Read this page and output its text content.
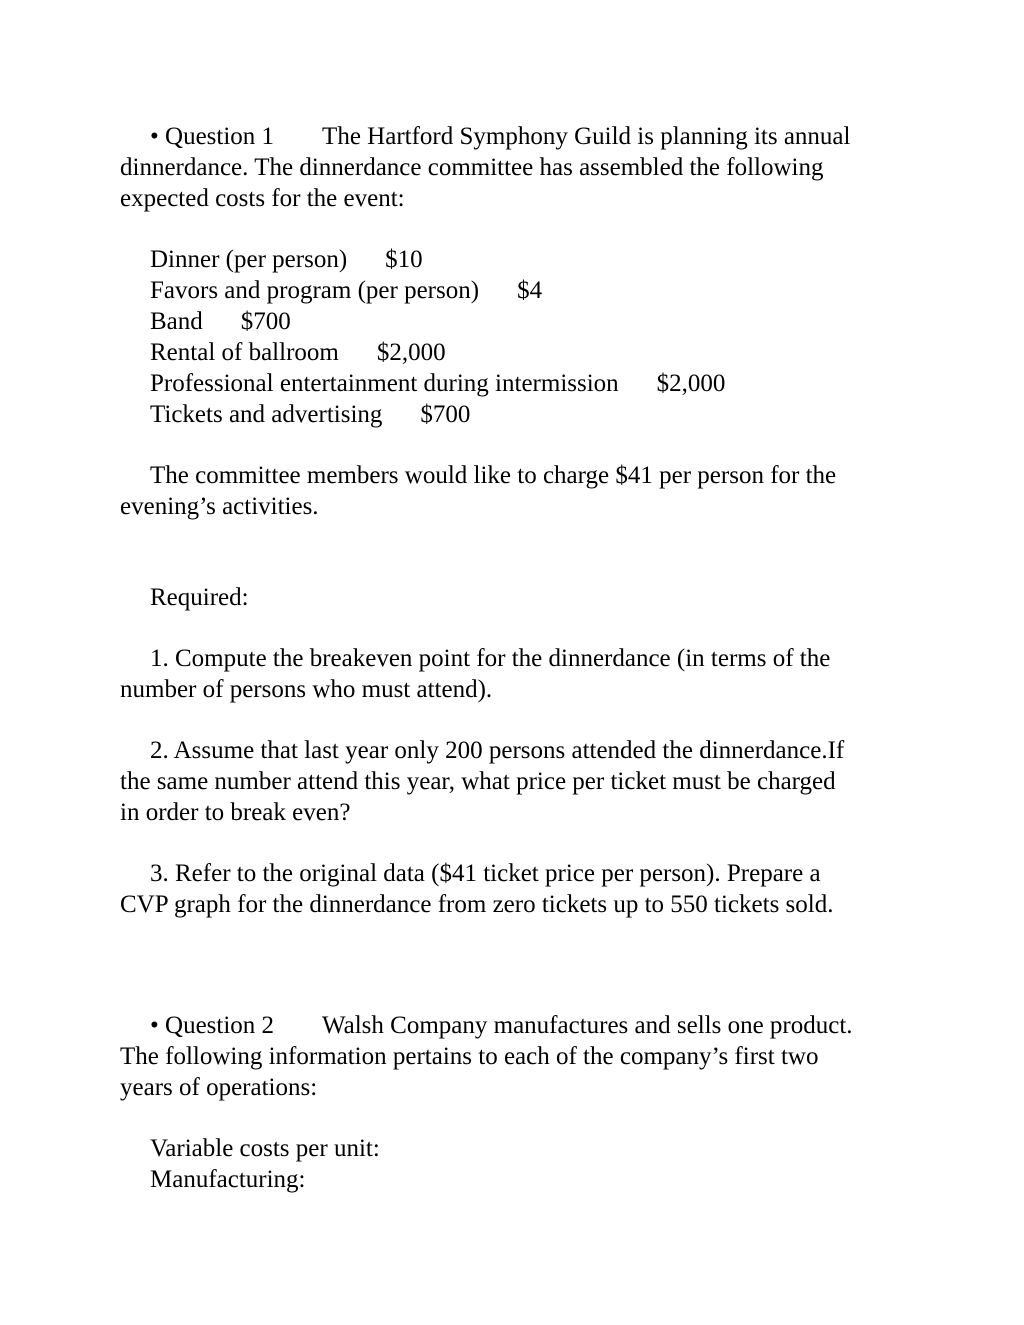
• Question 1 The Hartford Symphony Guild is planning its annual
dinnerdance. The dinnerdance committee has assembled the following
expected costs for the event:
Dinner (per person) $10
Favors and program (per person) $4
Band $700
Rental of ballroom $2,000
Professional entertainment during intermission $2,000
Tickets and advertising $700
The committee members would like to charge $41 per person for the
evening’s activities.
Required:
1. Compute the breakeven point for the dinnerdance (in terms of the
number of persons who must attend).
2. Assume that last year only 200 persons attended the dinnerdance.If
the same number attend this year, what price per ticket must be charged
in order to break even?
3. Refer to the original data ($41 ticket price per person). Prepare a
CVP graph for the dinnerdance from zero tickets up to 550 tickets sold.
• Question 2 Walsh Company manufactures and sells one product.
The following information pertains to each of the company’s first two
years of operations:
Variable costs per unit:
Manufacturing:
